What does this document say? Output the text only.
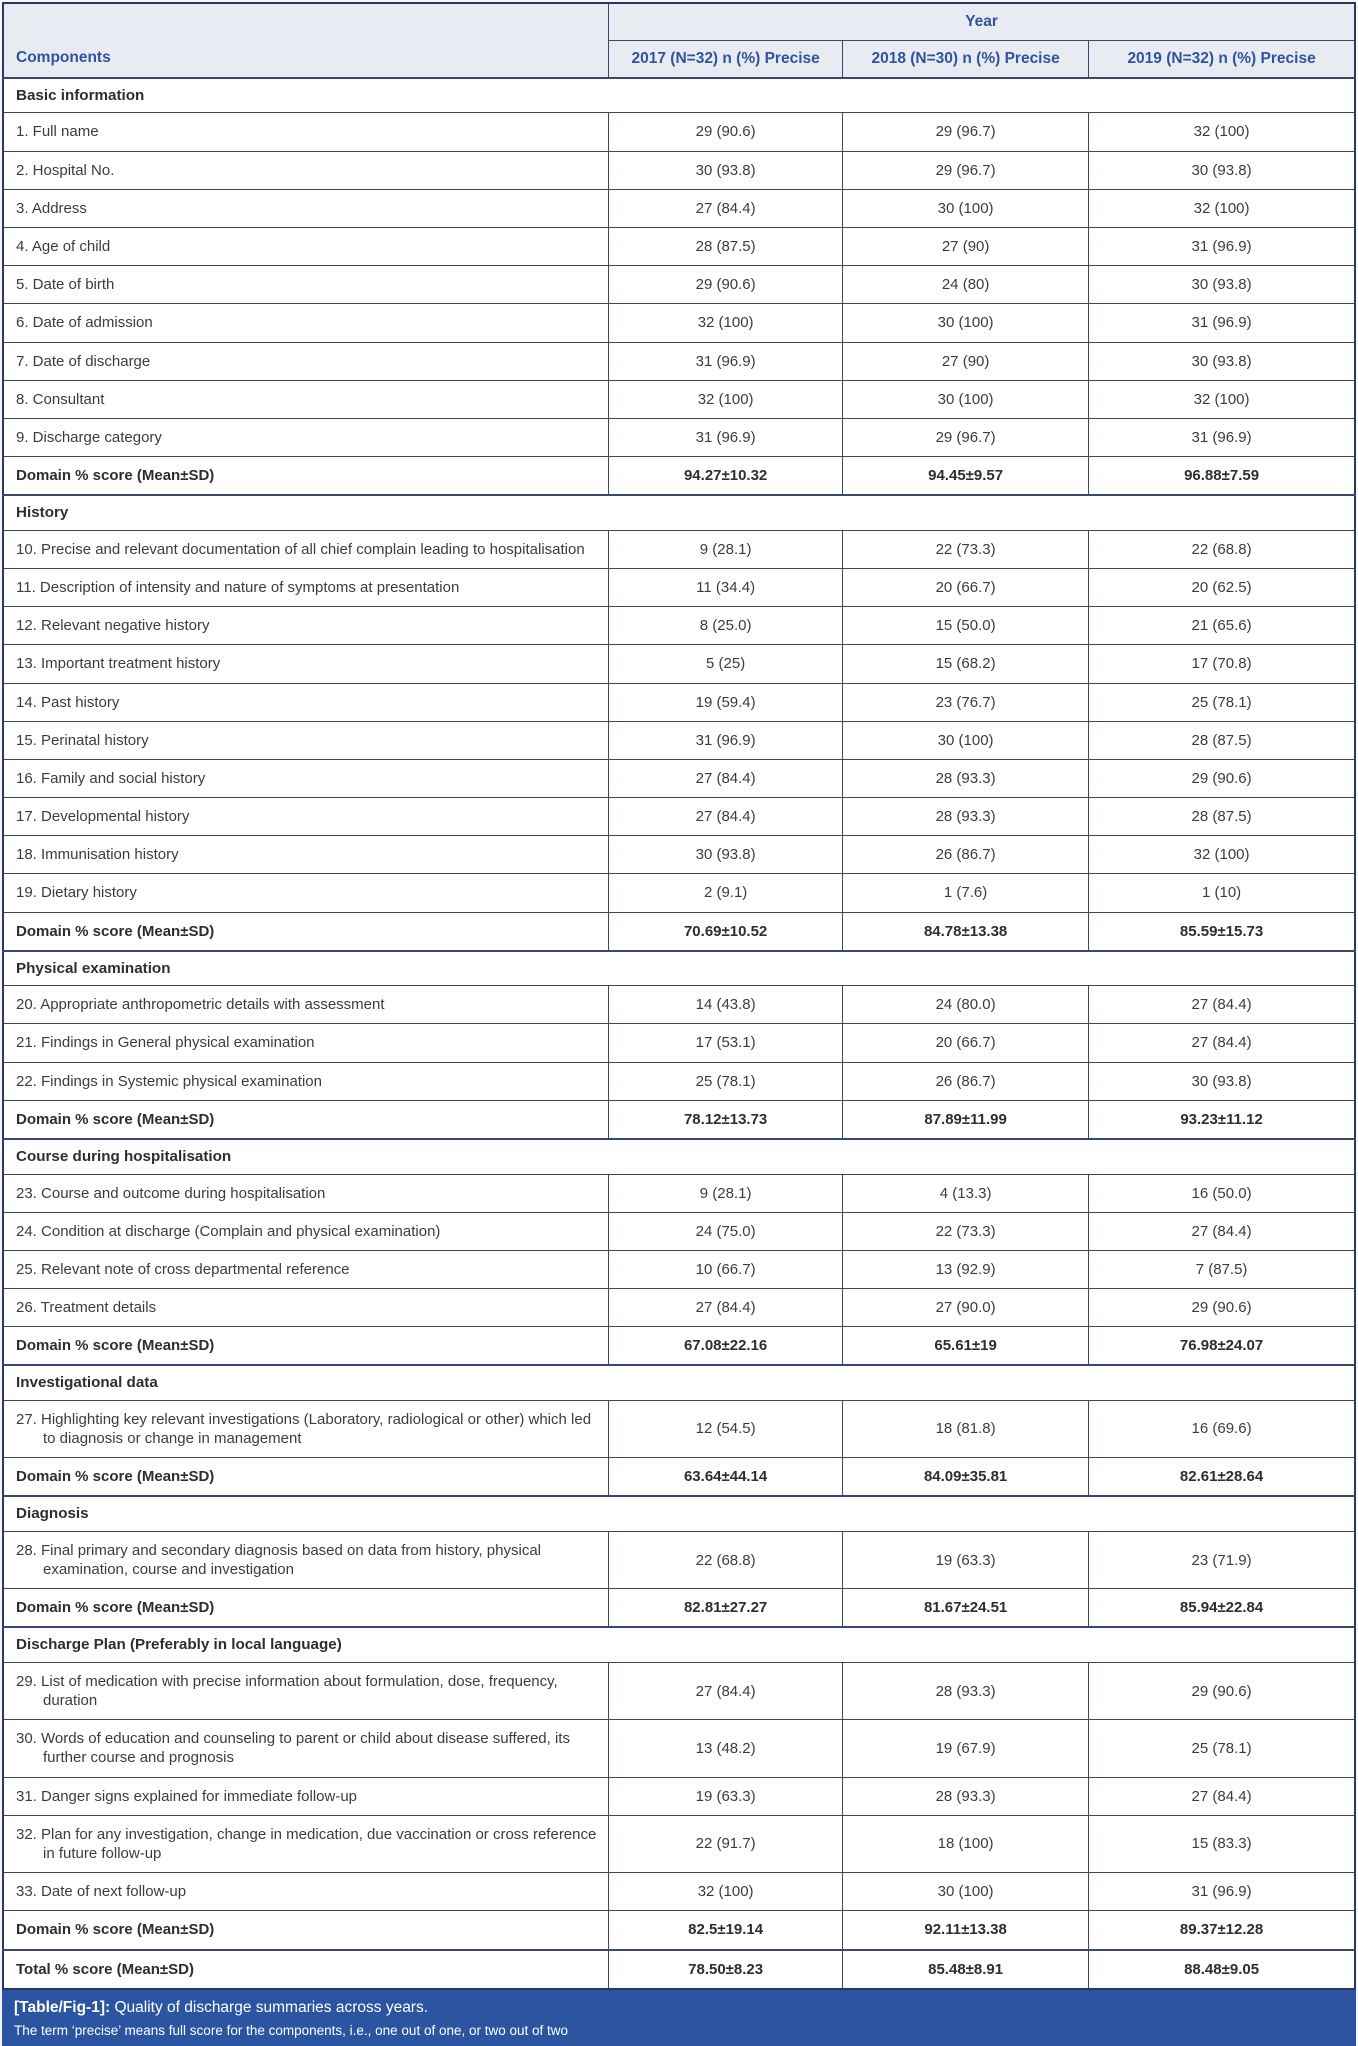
Components	Year		
	2017 (N=32) n (%) Precise	2018 (N=30) n (%) Precise	2019 (N=32) n (%) Precise
Basic information			

1. Full name	29 (90.6)	29 (96.7)	32 (100)

2. Hospital No.	30 (93.8)	29 (96.7)	30 (93.8)

3. Address	27 (84.4)	30 (100)	32 (100)

4. Age of child	28 (87.5)	27 (90)	31 (96.9)

5. Date of birth	29 (90.6)	24 (80)	30 (93.8)

6. Date of admission	32 (100)	30 (100)	31 (96.9)

7. Date of discharge	31 (96.9)	27 (90)	30 (93.8)

8. Consultant	32 (100)	30 (100)	32 (100)

9. Discharge category	31 (96.9)	29 (96.7)	31 (96.9)
Domain % score (Mean±SD)	94.27±10.32	94.45±9.57	96.88±7.59
History			

10. Precise and relevant documentation of all chief complain leading to hospitalisation	9 (28.1)	22 (73.3)	22 (68.8)

11. Description of intensity and nature of symptoms at presentation	11 (34.4)	20 (66.7)	20 (62.5)

12. Relevant negative history	8 (25.0)	15 (50.0)	21 (65.6)

13. Important treatment history	5 (25)	15 (68.2)	17 (70.8)

14. Past history	19 (59.4)	23 (76.7)	25 (78.1)

15. Perinatal history	31 (96.9)	30 (100)	28 (87.5)

16. Family and social history	27 (84.4)	28 (93.3)	29 (90.6)

17. Developmental history	27 (84.4)	28 (93.3)	28 (87.5)

18. Immunisation history	30 (93.8)	26 (86.7)	32 (100)

19. Dietary history	2 (9.1)	1 (7.6)	1 (10)
Domain % score (Mean±SD)	70.69±10.52	84.78±13.38	85.59±15.73
Physical examination			

20. Appropriate anthropometric details with assessment	14 (43.8)	24 (80.0)	27 (84.4)

21. Findings in General physical examination	17 (53.1)	20 (66.7)	27 (84.4)

22. Findings in Systemic physical examination	25 (78.1)	26 (86.7)	30 (93.8)
Domain % score (Mean±SD)	78.12±13.73	87.89±11.99	93.23±11.12
Course during hospitalisation			

23. Course and outcome during hospitalisation	9 (28.1)	4 (13.3)	16 (50.0)

24. Condition at discharge (Complain and physical examination)	24 (75.0)	22 (73.3)	27 (84.4)

25. Relevant note of cross departmental reference	10 (66.7)	13 (92.9)	7 (87.5)

26. Treatment details	27 (84.4)	27 (90.0)	29 (90.6)
Domain % score (Mean±SD)	67.08±22.16	65.61±19	76.98±24.07
Investigational data			

27. Highlighting key relevant investigations (Laboratory, radiological or other) which led to diagnosis or change in management	12 (54.5)	18 (81.8)	16 (69.6)
Domain % score (Mean±SD)	63.64±44.14	84.09±35.81	82.61±28.64
Diagnosis			

28. Final primary and secondary diagnosis based on data from history, physical examination, course and investigation	22 (68.8)	19 (63.3)	23 (71.9)
Domain % score (Mean±SD)	82.81±27.27	81.67±24.51	85.94±22.84
Discharge Plan (Preferably in local language)			

29. List of medication with precise information about formulation, dose, frequency, duration	27 (84.4)	28 (93.3)	29 (90.6)

30. Words of education and counseling to parent or child about disease suffered, its further course and prognosis	13 (48.2)	19 (67.9)	25 (78.1)

31. Danger signs explained for immediate follow-up	19 (63.3)	28 (93.3)	27 (84.4)

32. Plan for any investigation, change in medication, due vaccination or cross reference in future follow-up	22 (91.7)	18 (100)	15 (83.3)

33. Date of next follow-up	32 (100)	30 (100)	31 (96.9)
Domain % score (Mean±SD)	82.5±19.14	92.11±13.38	89.37±12.28
Total % score (Mean±SD)	78.50±8.23	85.48±8.91	88.48±9.05

[Table/Fig-1]: Quality of discharge summaries across years.

The term ‘precise’ means full score for the components, i.e., one out of one, or two out of two
